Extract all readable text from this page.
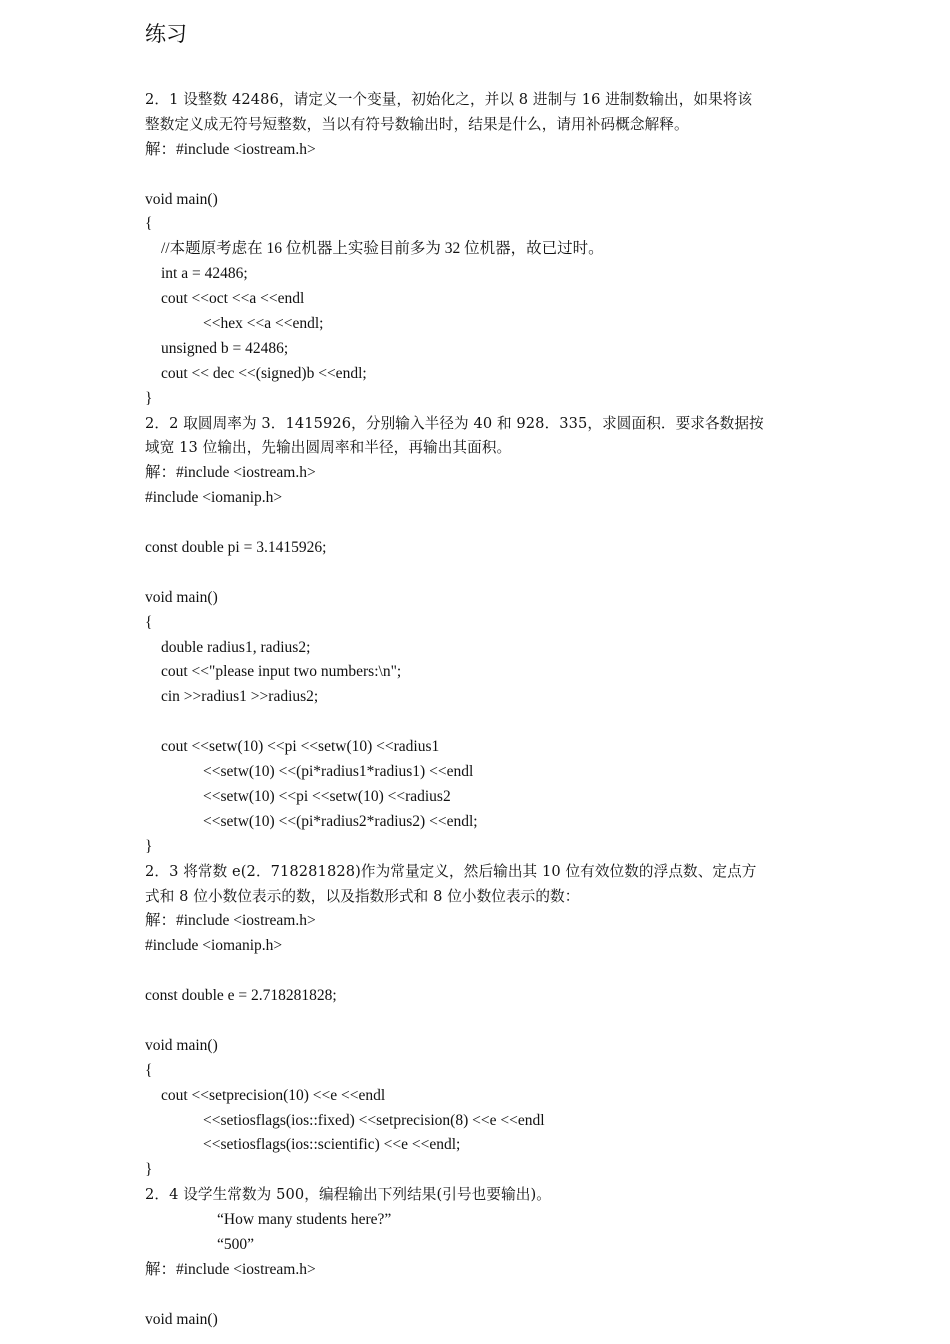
练习
2．1 设整数 42486，请定义一个变量，初始化之，并以 8 进制与 16 进制数输出，如果将该
整数定义成无符号短整数，当以有符号数输出时，结果是什么，请用补码概念解释。
解：#include <iostream.h>
void main()
{
//本题原考虑在 16 位机器上实验目前多为 32 位机器，故已过时。
int a = 42486;
cout <<oct <<a <<endl
<<hex <<a <<endl;
unsigned b = 42486;
cout << dec <<(signed)b <<endl;
}
2．2 取圆周率为 3．1415926，分别输入半径为 40 和 928．335，求圆面积．要求各数据按
域宽 13 位输出，先输出圆周率和半径，再输出其面积。
解：#include <iostream.h>
#include <iomanip.h>
const double pi = 3.1415926;
void main()
{
double radius1, radius2;
cout <<"please input two numbers:\n";
cin >>radius1 >>radius2;
cout <<setw(10) <<pi <<setw(10) <<radius1
<<setw(10) <<(pi*radius1*radius1) <<endl
<<setw(10) <<pi <<setw(10) <<radius2
<<setw(10) <<(pi*radius2*radius2) <<endl;
}
2．3 将常数 e(2．718281828)作为常量定义，然后输出其 10 位有效位数的浮点数、定点方
式和 8 位小数位表示的数，以及指数形式和 8 位小数位表示的数：
解：#include <iostream.h>
#include <iomanip.h>
const double e = 2.718281828;
void main()
{
cout <<setprecision(10) <<e <<endl
<<setiosflags(ios::fixed) <<setprecision(8) <<e <<endl
<<setiosflags(ios::scientific) <<e <<endl;
}
2．4 设学生常数为 500，编程输出下列结果(引号也要输出)。
“How many students here?”
“500”
解：#include <iostream.h>
void main()
